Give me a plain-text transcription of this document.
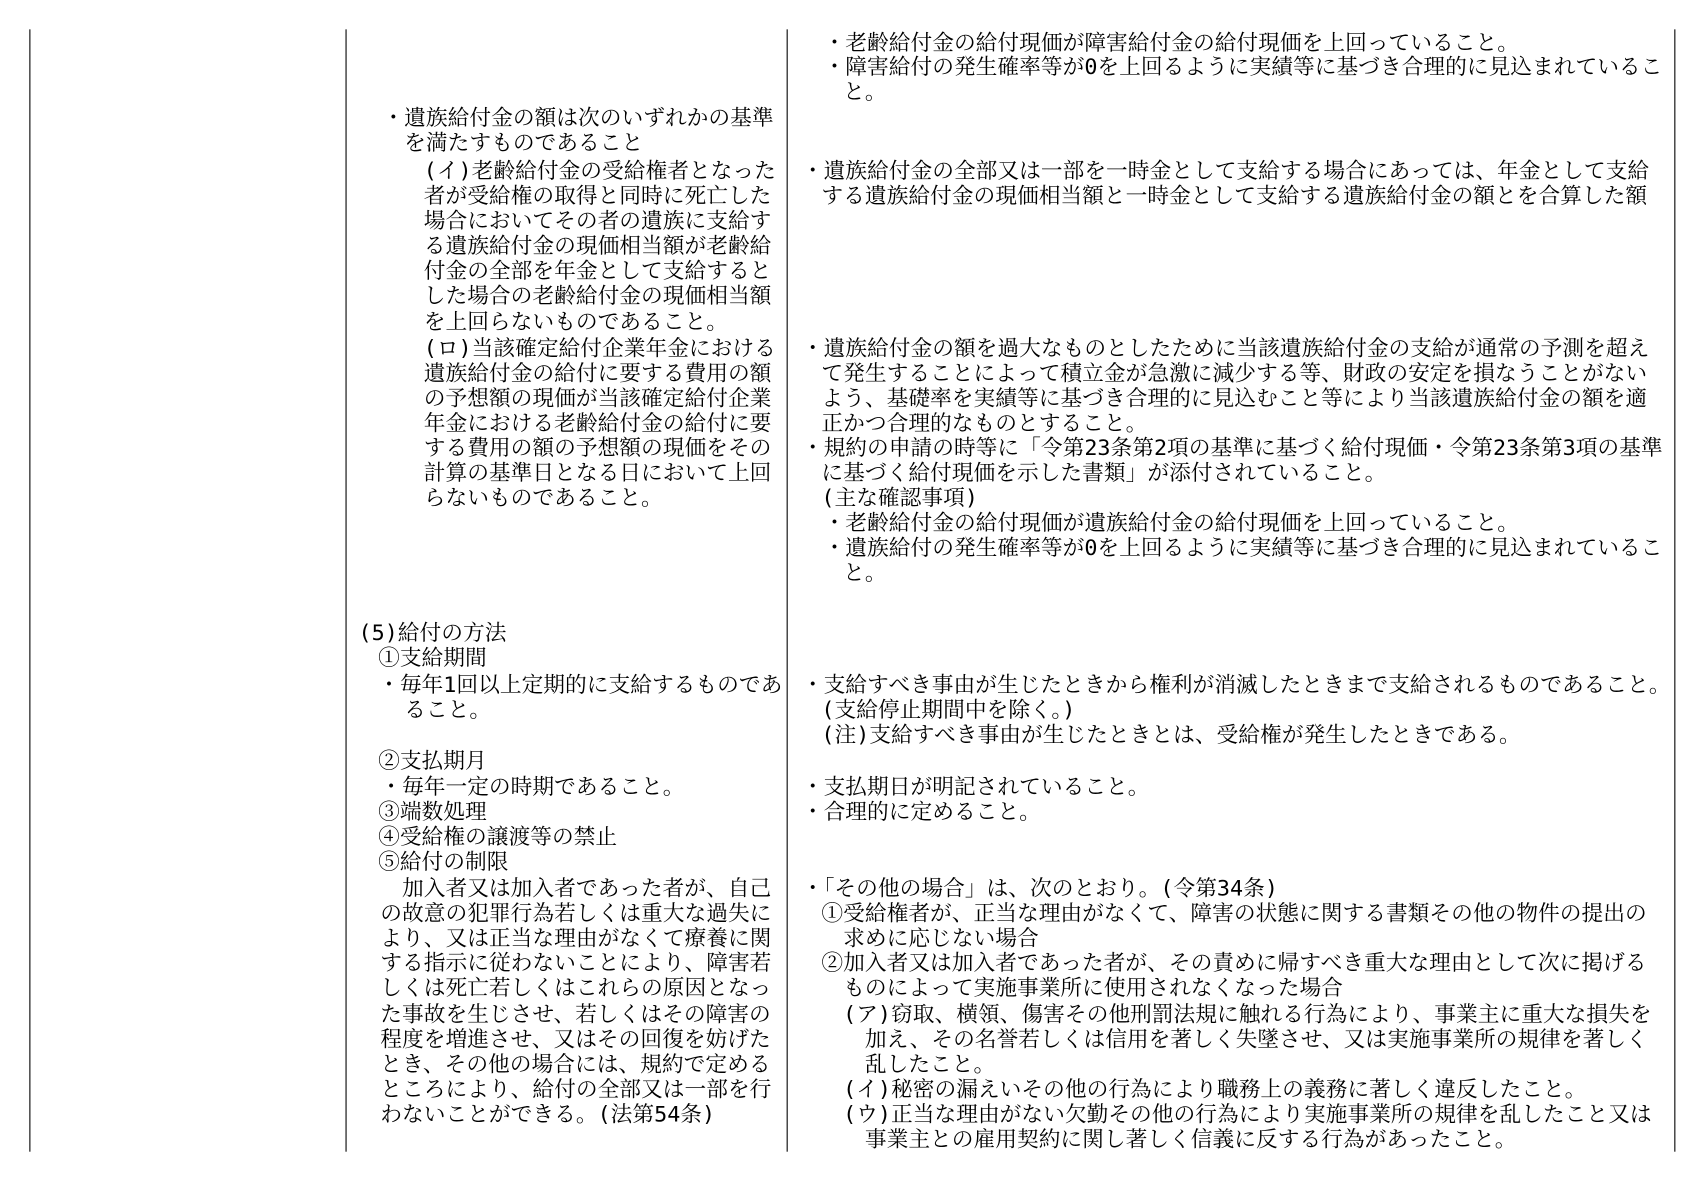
・遺族給付金の額は次のいずれかの基準
を満たすものであること
(イ)老齢給付金の受給権者となった
者が受給権の取得と同時に死亡した
場合においてその者の遺族に支給す
る遺族給付金の現価相当額が老齢給
付金の全部を年金として支給すると
した場合の老齢給付金の現価相当額
を上回らないものであること。
(ロ)当該確定給付企業年金における
遺族給付金の給付に要する費用の額
の予想額の現価が当該確定給付企業
年金における老齢給付金の給付に要
する費用の額の予想額の現価をその
計算の基準日となる日において上回
らないものであること。
(5)給付の方法
①支給期間
・毎年1回以上定期的に支給するものであ
ること。
②支払期月
・毎年一定の時期であること。
③端数処理
④受給権の譲渡等の禁止
⑤給付の制限
　加入者又は加入者であった者が、自己
の故意の犯罪行為若しくは重大な過失に
より、又は正当な理由がなくて療養に関
する指示に従わないことにより、障害若
しくは死亡若しくはこれらの原因となっ
た事故を生じさせ、若しくはその障害の
程度を増進させ、又はその回復を妨げた
とき、その他の場合には、規約で定める
ところにより、給付の全部又は一部を行
わないことができる。(法第54条)
・老齢給付金の給付現価が障害給付金の給付現価を上回っていること。
・障害給付の発生確率等が0を上回るように実績等に基づき合理的に見込まれているこ
と。
・遺族給付金の全部又は一部を一時金として支給する場合にあっては、年金として支給
する遺族給付金の現価相当額と一時金として支給する遺族給付金の額とを合算した額
・遺族給付金の額を過大なものとしたために当該遺族給付金の支給が通常の予測を超え
て発生することによって積立金が急激に減少する等、財政の安定を損なうことがない
よう、基礎率を実績等に基づき合理的に見込むこと等により当該遺族給付金の額を適
正かつ合理的なものとすること。
・規約の申請の時等に「令第23条第2項の基準に基づく給付現価・令第23条第3項の基準
に基づく給付現価を示した書類」が添付されていること。
(主な確認事項)
・老齢給付金の給付現価が遺族給付金の給付現価を上回っていること。
・遺族給付の発生確率等が0を上回るように実績等に基づき合理的に見込まれているこ
と。
・支給すべき事由が生じたときから権利が消滅したときまで支給されるものであること。
(支給停止期間中を除く。)
(注)支給すべき事由が生じたときとは、受給権が発生したときである。
・支払期日が明記されていること。
・合理的に定めること。
・「その他の場合」は、次のとおり。(令第34条)
①受給権者が、正当な理由がなくて、障害の状態に関する書類その他の物件の提出の
求めに応じない場合
②加入者又は加入者であった者が、その責めに帰すべき重大な理由として次に掲げる
ものによって実施事業所に使用されなくなった場合
(ア)窃取、横領、傷害その他刑罰法規に触れる行為により、事業主に重大な損失を
加え、その名誉若しくは信用を著しく失墜させ、又は実施事業所の規律を著しく
乱したこと。
(イ)秘密の漏えいその他の行為により職務上の義務に著しく違反したこと。
(ウ)正当な理由がない欠勤その他の行為により実施事業所の規律を乱したこと又は
事業主との雇用契約に関し著しく信義に反する行為があったこと。
